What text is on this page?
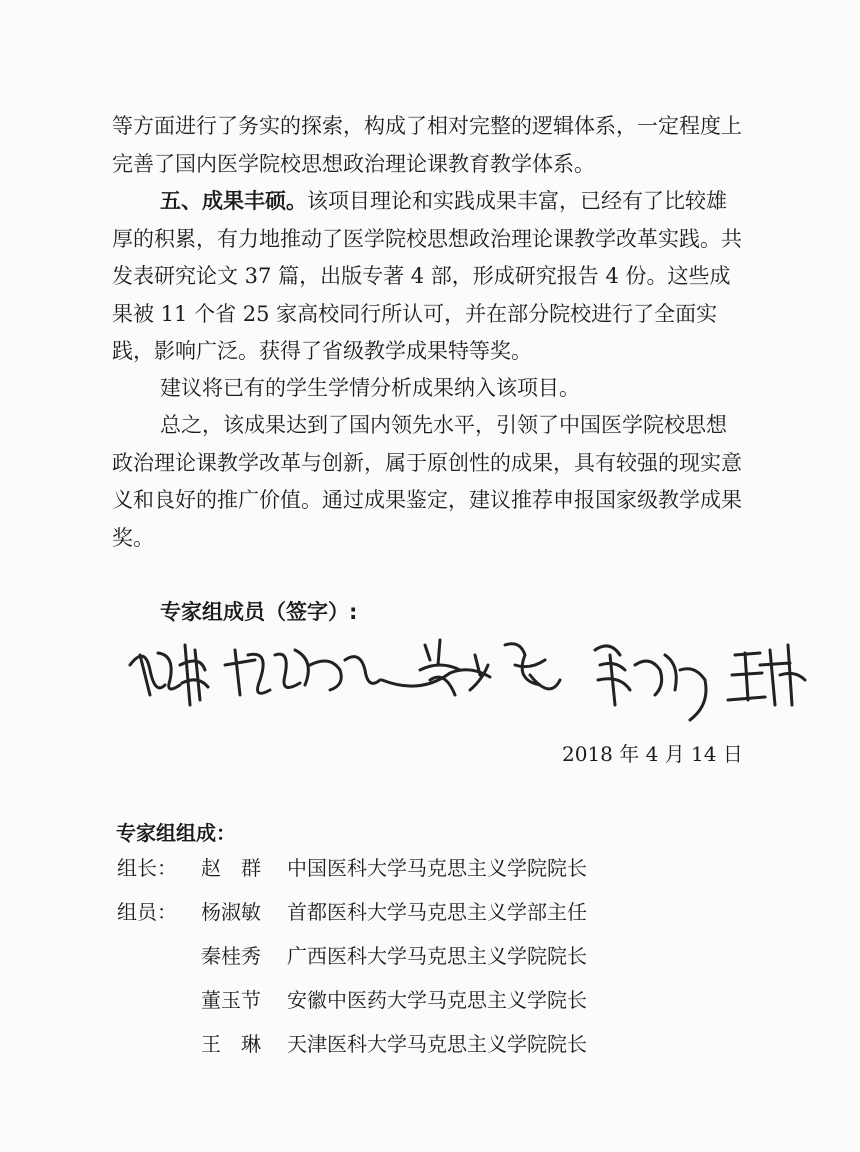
等方面进行了务实的探索，构成了相对完整的逻辑体系，一定程度上完善了国内医学院校思想政治理论课教育教学体系。

五、成果丰硕。该项目理论和实践成果丰富，已经有了比较雄厚的积累，有力地推动了医学院校思想政治理论课教学改革实践。共发表研究论文 37 篇，出版专著 4 部，形成研究报告 4 份。这些成果被 11 个省 25 家高校同行所认可，并在部分院校进行了全面实践，影响广泛。获得了省级教学成果特等奖。

建议将已有的学生学情分析成果纳入该项目。

总之，该成果达到了国内领先水平，引领了中国医学院校思想政治理论课教学改革与创新，属于原创性的成果，具有较强的现实意义和良好的推广价值。通过成果鉴定，建议推荐申报国家级教学成果奖。

专家组成员（签字）:
2018 年 4 月 14 日
专家组组成：
组长： 赵　群 中国医科大学马克思主义学院院长
组员： 杨淑敏 首都医科大学马克思主义学部主任
秦桂秀 广西医科大学马克思主义学院院长
董玉节 安徽中医药大学马克思主义学院长
王　琳 天津医科大学马克思主义学院院长
